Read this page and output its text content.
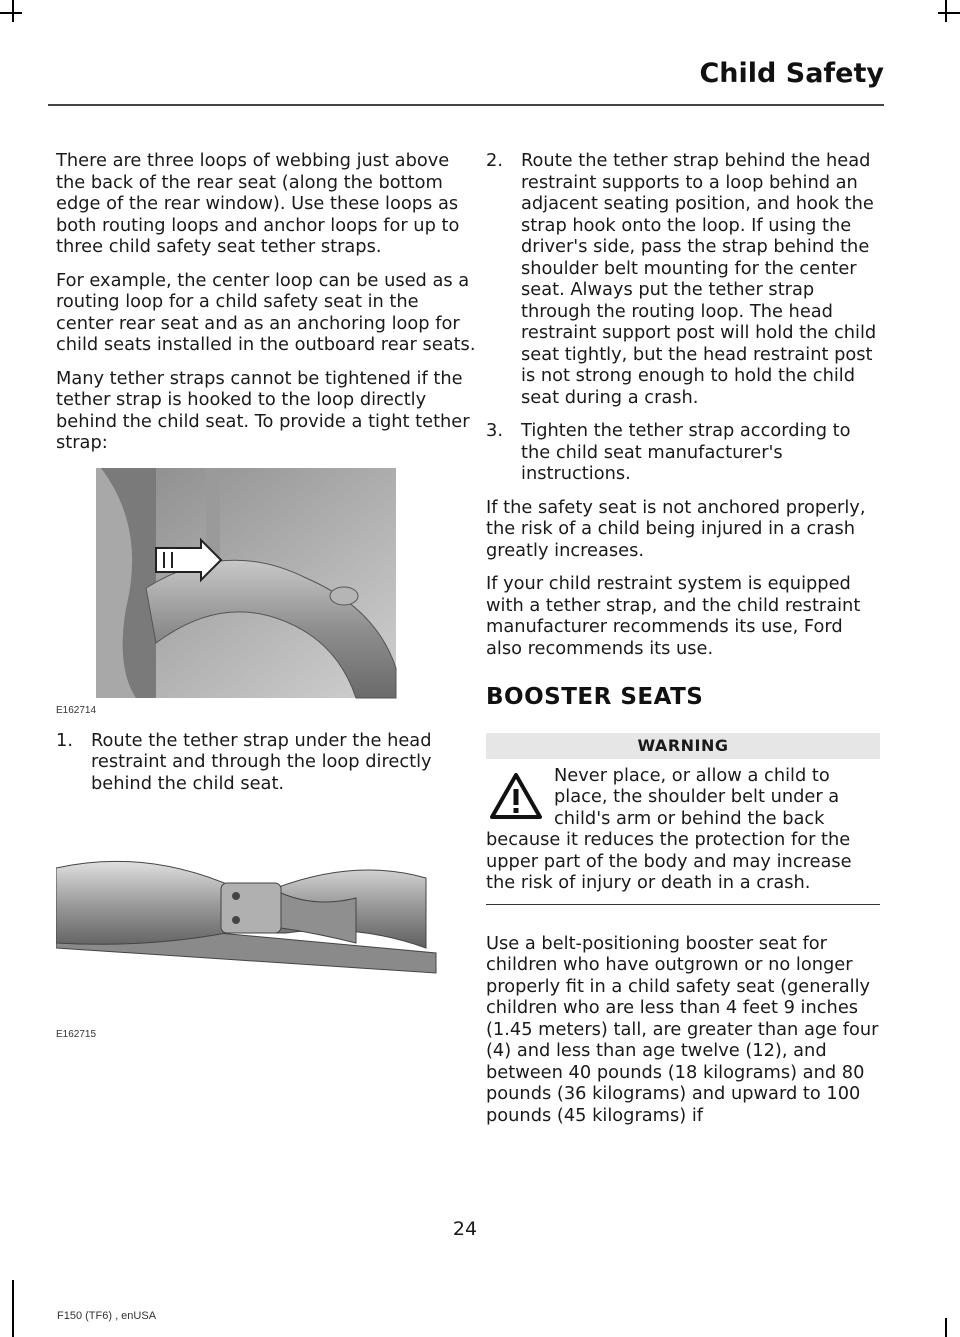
Child Safety

There are three loops of webbing just above the back of the rear seat (along the bottom edge of the rear window). Use these loops as both routing loops and anchor loops for up to three child safety seat tether straps.

For example, the center loop can be used as a routing loop for a child safety seat in the center rear seat and as an anchoring loop for child seats installed in the outboard rear seats.

Many tether straps cannot be tightened if the tether strap is hooked to the loop directly behind the child seat. To provide a tight tether strap:

E162714
1.	Route the tether strap under the head restraint and through the loop directly behind the child seat.
E162715
2.	Route the tether strap behind the head restraint supports to a loop behind an adjacent seating position, and hook the strap hook onto the loop. If using the driver's side, pass the strap behind the shoulder belt mounting for the center seat. Always put the tether strap through the routing loop. The head restraint support post will hold the child seat tightly, but the head restraint post is not strong enough to hold the child seat during a crash.
3.	Tighten the tether strap according to the child seat manufacturer's instructions.

If the safety seat is not anchored properly, the risk of a child being injured in a crash greatly increases.

If your child restraint system is equipped with a tether strap, and the child restraint manufacturer recommends its use, Ford also recommends its use.

BOOSTER SEATS
WARNING
Never place, or allow a child to place, the shoulder belt under a child's arm or behind the back because it reduces the protection for the upper part of the body and may increase the risk of injury or death in a crash.

Use a belt-positioning booster seat for children who have outgrown or no longer properly fit in a child safety seat (generally children who are less than 4 feet 9 inches (1.45 meters) tall, are greater than age four (4) and less than age twelve (12), and between 40 pounds (18 kilograms) and 80 pounds (36 kilograms) and upward to 100 pounds (45 kilograms) if

24
F150 (TF6) , enUSA
